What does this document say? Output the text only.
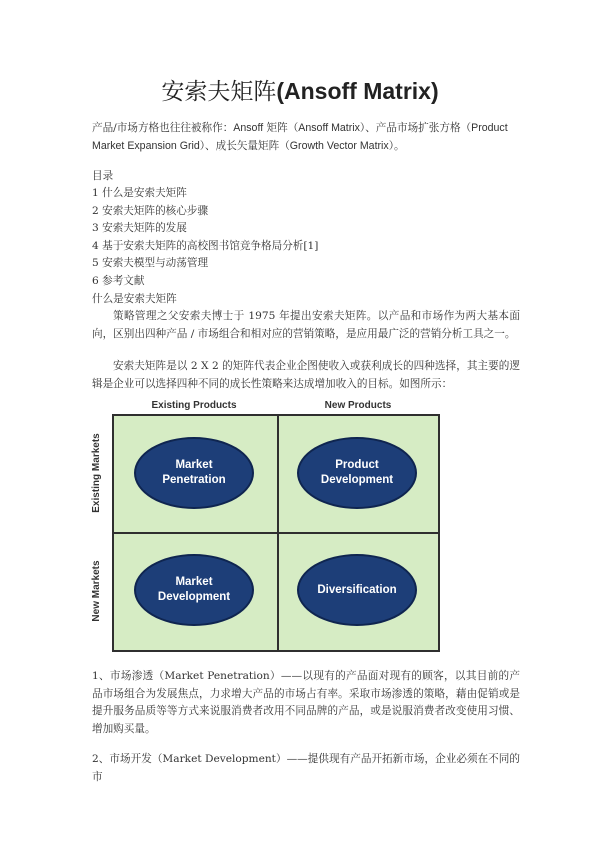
安索夫矩阵(Ansoff Matrix)
产品/市场方格也往往被称作：Ansoff 矩阵（Ansoff Matrix）、产品市场扩张方格（Product Market Expansion Grid）、成长矢量矩阵（Growth Vector Matrix）。
目录
1 什么是安索夫矩阵
2 安索夫矩阵的核心步骤
3 安索夫矩阵的发展
4 基于安索夫矩阵的高校图书馆竞争格局分析[1]
5 安索夫模型与动荡管理
6 参考文献
什么是安索夫矩阵
策略管理之父安索夫博士于 1975 年提出安索夫矩阵。以产品和市场作为两大基本面向，区别出四种产品 / 市场组合和相对应的营销策略，是应用最广泛的营销分析工具之一。
安索夫矩阵是以 2 X 2 的矩阵代表企业企图使收入或获利成长的四种选择，其主要的逻辑是企业可以选择四种不同的成长性策略来达成增加收入的目标。如图所示：
Existing Products	New Products
Existing Markets
New Markets
Market
Penetration
Product
Development
Market
Development
Diversification
1、市场渗透（Market Penetration）——以现有的产品面对现有的顾客，以其目前的产品市场组合为发展焦点，力求增大产品的市场占有率。采取市场渗透的策略，藉由促销或是提升服务品质等等方式来说服消费者改用不同品牌的产品，或是说服消费者改变使用习惯、增加购买量。
2、市场开发（Market Development）——提供现有产品开拓新市场，企业必须在不同的市
